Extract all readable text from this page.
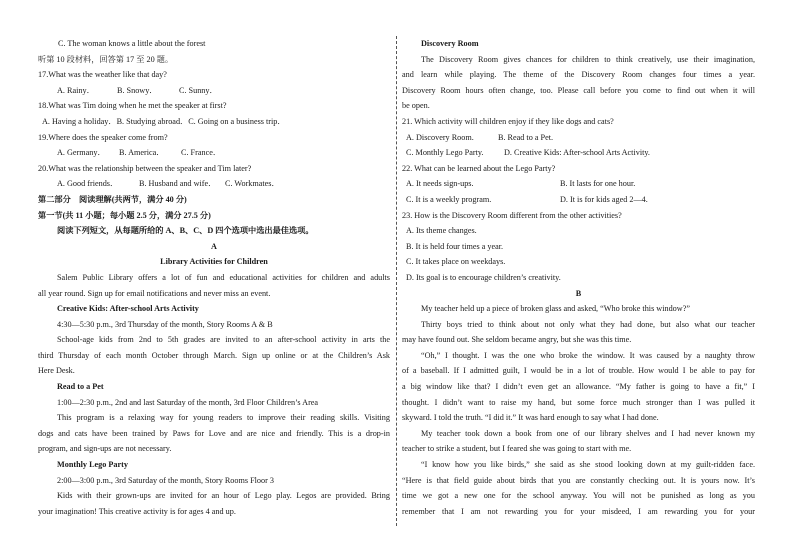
C. The woman knows a little about the forest
听第 10 段材料，回答第 17 至 20 题。
17.What was the weather like that day?
A. Rainy．	B. Snowy．	C. Sunny．
18.What was Tim doing when he met the speaker at first?
A. Having a holiday．B. Studying abroad．C. Going on a business trip．
19.Where does the speaker come from?
A. Germany．	B. America．	C. France．
20.What was the relationship between the speaker and Tim later?
A. Good friends．	B. Husband and wife．	C. Workmates．
第二部分　阅读理解(共两节，满分 40 分)
第一节(共 11 小题；每小题 2.5 分，满分 27.5 分)
阅读下列短文，从每题所给的 A、B、C、D 四个选项中选出最佳选项。
A
Library Activities for Children
Salem Public Library offers a lot of fun and educational activities for children and adults
all year round. Sign up for email notifications and never miss an event.
Creative Kids: After-school Arts Activity
4:30—5:30 p.m., 3rd Thursday of the month, Story Rooms A & B
School-age kids from 2nd to 5th grades are invited to an after-school activity in arts the
third Thursday of each month October through March. Sign up online or at the Children’s Ask
Here Desk.
Read to a Pet
1:00—2:30 p.m., 2nd and last Saturday of the month, 3rd Floor Children’s Area
This program is a relaxing way for young readers to improve their reading skills. Visiting
dogs and cats have been trained by Paws for Love and are nice and friendly. This is a drop-in
program, and sign-ups are not necessary.
Monthly Lego Party
2:00—3:00 p.m., 3rd Saturday of the month, Story Rooms Floor 3
Kids with their grown-ups are invited for an hour of Lego play. Legos are provided. Bring
your imagination! This creative activity is for ages 4 and up.
Discovery Room
The Discovery Room gives chances for children to think creatively, use their imagination,
and learn while playing. The theme of the Discovery Room changes four times a year.
Discovery Room hours often change, too. Please call before you come to find out when it will
be open.
21. Which activity will children enjoy if they like dogs and cats?
A. Discovery Room.	B. Read to a Pet.
C. Monthly Lego Party.	D. Creative Kids: After-school Arts Activity.
22. What can be learned about the Lego Party?
A. It needs sign-ups.	B. It lasts for one hour.
C. It is a weekly program.	D. It is for kids aged 2—4.
23. How is the Discovery Room different from the other activities?
A. Its theme changes.
B. It is held four times a year.
C. It takes place on weekdays.
D. Its goal is to encourage children’s creativity.
B
My teacher held up a piece of broken glass and asked, “Who broke this window?”
Thirty boys tried to think about not only what they had done, but also what our teacher
may have found out. She seldom became angry, but she was this time.
“Oh,” I thought. I was the one who broke the window. It was caused by a naughty throw
of a baseball. If I admitted guilt, I would be in a lot of trouble. How would I be able to pay for
a big window like that? I didn’t even get an allowance. “My father is going to have a fit,” I
thought. I didn’t want to raise my hand, but some force much stronger than I was pulled it
skyward. I told the truth. “I did it.” It was hard enough to say what I had done.
My teacher took down a book from one of our library shelves and I had never known my
teacher to strike a student, but I feared she was going to start with me.
“I know how you like birds,” she said as she stood looking down at my guilt-ridden face.
“Here is that field guide about birds that you are constantly checking out. It is yours now. It’s
time we got a new one for the school anyway. You will not be punished as long as you
remember that I am not rewarding you for your misdeed, I am rewarding you for your
